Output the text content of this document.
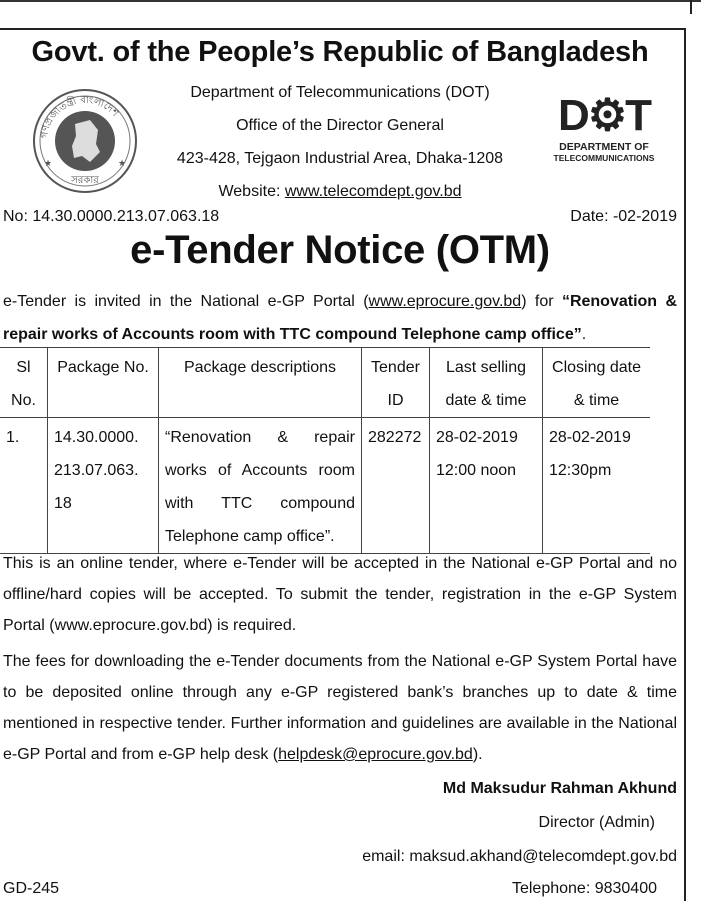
Govt. of the People’s Republic of Bangladesh
গণপ্রজাতন্ত্রী বাংলাদেশ
সরকার
★	★
Department of Telecommunications (DOT)
Office of the Director General
423-428, Tejgaon Industrial Area, Dhaka-1208
Website: www.telecomdept.gov.bd
D⚙T
DEPARTMENT OF
TELECOMMUNICATIONS
No: 14.30.0000.213.07.063.18	Date: -02-2019
e-Tender Notice (OTM)
e-Tender is invited in the National e-GP Portal (www.eprocure.gov.bd) for “Renovation & repair works of Accounts room with TTC compound Telephone camp office”.
Sl No.	Package No.	Package descriptions	Tender ID	Last selling date & time	Closing date & time
1.	14.30.0000. 213.07.063. 18	“Renovation & repair works of Accounts room with TTC compound Telephone camp office”.	282272	28-02-2019 12:00 noon	28-02-2019 12:30pm
This is an online tender, where e-Tender will be accepted in the National e-GP Portal and no offline/hard copies will be accepted. To submit the tender, registration in the e-GP System Portal (www.eprocure.gov.bd) is required.
The fees for downloading the e-Tender documents from the National e-GP System Portal have to be deposited online through any e-GP registered bank’s branches up to date & time mentioned in respective tender. Further information and guidelines are available in the National e-GP Portal and from e-GP help desk (helpdesk@eprocure.gov.bd).
Md Maksudur Rahman Akhund
Director (Admin)
email: maksud.akhand@telecomdept.gov.bd
Telephone: 9830400
GD-245
